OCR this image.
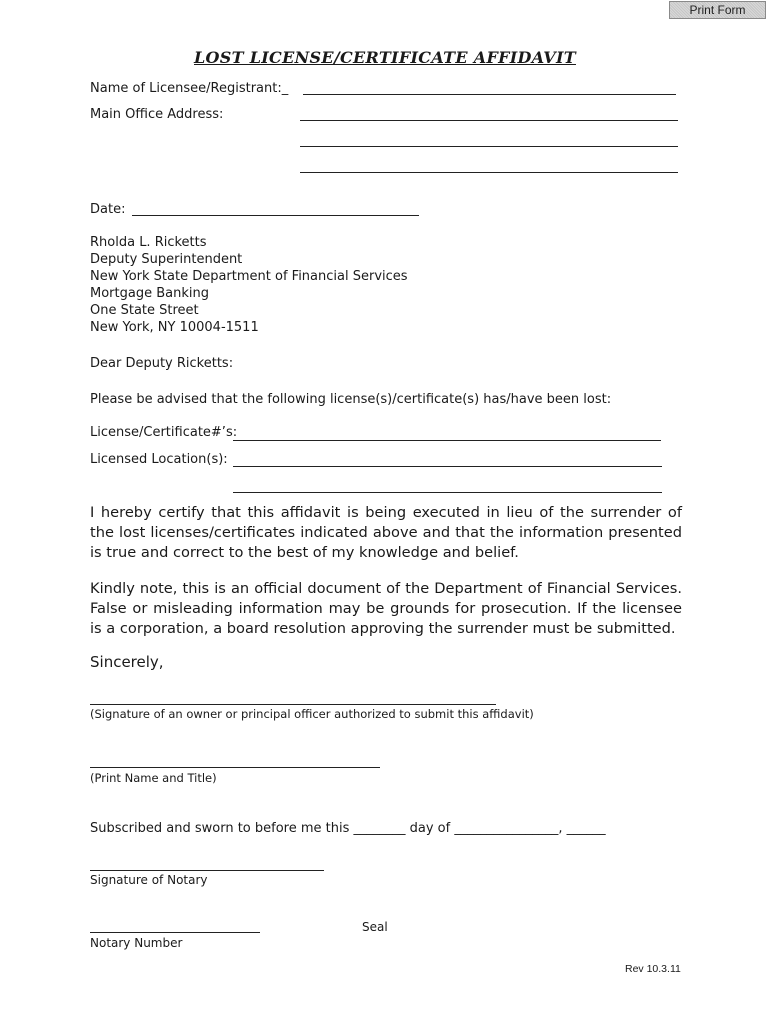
Print Form
LOST LICENSE/CERTIFICATE AFFIDAVIT
Name of Licensee/Registrant:_
Main Office Address:
Date:
Rholda L. Ricketts
Deputy Superintendent
New York State Department of Financial Services
Mortgage Banking
One State Street
New York, NY 10004-1511
Dear Deputy Ricketts:
Please be advised that the following license(s)/certificate(s) has/have been lost:
License/Certificate#’s:
Licensed Location(s):
I hereby certify that this affidavit is being executed in lieu of the surrender of the lost licenses/certificates indicated above and that the information presented is true and correct to the best of my knowledge and belief.
Kindly note, this is an official document of the Department of Financial Services. False or misleading information may be grounds for prosecution. If the licensee is a corporation, a board resolution approving the surrender must be submitted.
Sincerely,
(Signature of an owner or principal officer authorized to submit this affidavit)
(Print Name and Title)
Subscribed and sworn to before me this ________ day of ________________, ______
Signature of Notary
Seal
Notary Number
Rev 10.3.11
